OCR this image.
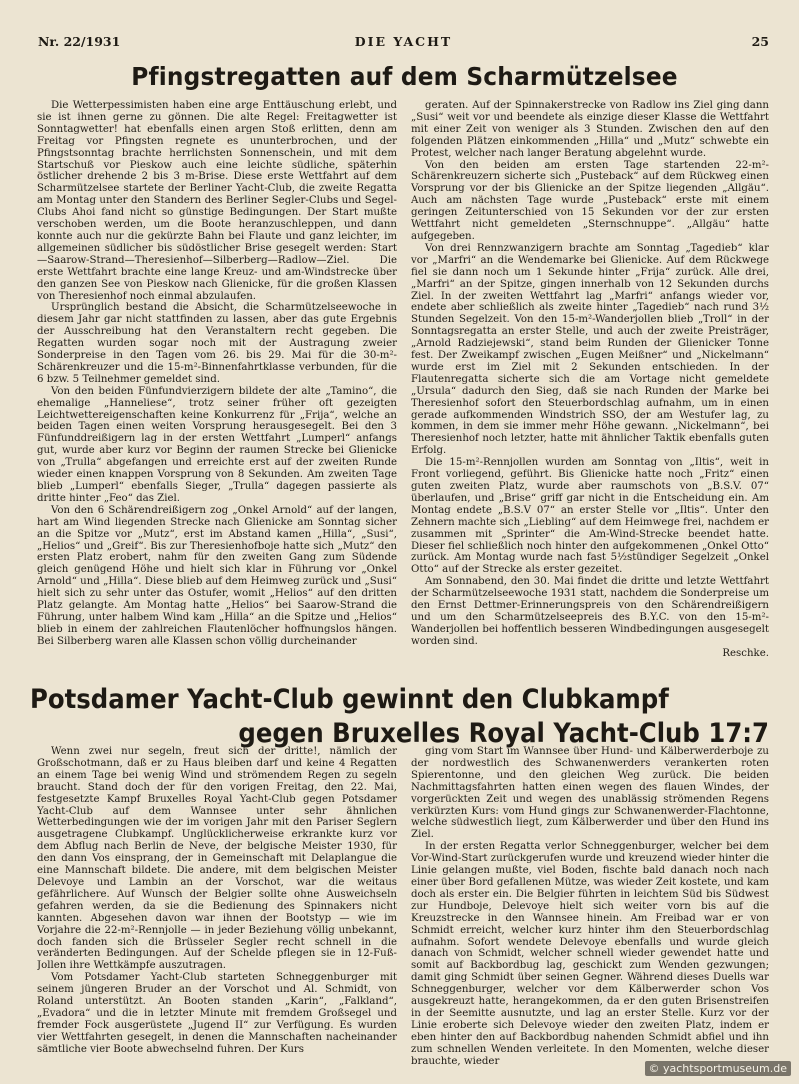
Nr. 22/1931	DIE YACHT	25
Pfingstregatten auf dem Scharmützelsee

Die Wetterpessimisten haben eine arge Enttäuschung erlebt, und sie ist ihnen gerne zu gönnen. Die alte Regel: Freitagwetter ist Sonntagwetter! hat ebenfalls einen argen Stoß erlitten, denn am Freitag vor Pfingsten regnete es ununterbrochen, und der Pfingstsonntag brachte herrlichsten Sonnenschein, und mit dem Startschuß vor Pieskow auch eine leichte südliche, späterhin östlicher drehende 2 bis 3 m-Brise. Diese erste Wettfahrt auf dem Scharmützelsee startete der Berliner Yacht-Club, die zweite Regatta am Montag unter den Standern des Berliner Segler-Clubs und Segel-Clubs Ahoi fand nicht so günstige Bedingungen. Der Start mußte verschoben werden, um die Boote heranzuschleppen, und dann konnte auch nur die gekürzte Bahn bei Flaute und ganz leichter, im allgemeinen südlicher bis südöstlicher Brise gesegelt werden: Start—Saarow-Strand—Theresienhof—Silberberg—Radlow—Ziel. Die erste Wettfahrt brachte eine lange Kreuz- und am-Windstrecke über den ganzen See von Pieskow nach Glienicke, für die großen Klassen von Theresienhof noch einmal abzulaufen.

Ursprünglich bestand die Absicht, die Scharmützelseewoche in diesem Jahr gar nicht stattfinden zu lassen, aber das gute Ergebnis der Ausschreibung hat den Veranstaltern recht gegeben. Die Regatten wurden sogar noch mit der Austragung zweier Sonderpreise in den Tagen vom 26. bis 29. Mai für die 30-m²-Schärenkreuzer und die 15-m²-Binnenfahrtklasse verbunden, für die 6 bzw. 5 Teilnehmer gemeldet sind.

Von den beiden Fünfundvierzigern bildete der alte „Tamino“, die ehemalige „Hanneliese“, trotz seiner früher oft gezeigten Leichtwettereigenschaften keine Konkurrenz für „Frija“, welche an beiden Tagen einen weiten Vorsprung herausgesegelt. Bei den 3 Fünfunddreißigern lag in der ersten Wettfahrt „Lumperl“ anfangs gut, wurde aber kurz vor Beginn der raumen Strecke bei Glienicke von „Trulla“ abgefangen und erreichte erst auf der zweiten Runde wieder einen knappen Vorsprung von 8 Sekunden. Am zweiten Tage blieb „Lumperl“ ebenfalls Sieger, „Trulla“ dagegen passierte als dritte hinter „Feo“ das Ziel.

Von den 6 Schärendreißigern zog „Onkel Arnold“ auf der langen, hart am Wind liegenden Strecke nach Glienicke am Sonntag sicher an die Spitze vor „Mutz“, erst im Abstand kamen „Hilla“, „Susi“, „Helios“ und „Greif“. Bis zur Theresienhofboje hatte sich „Mutz“ den ersten Platz erobert, nahm für den zweiten Gang zum Südende gleich genügend Höhe und hielt sich klar in Führung vor „Onkel Arnold“ und „Hilla“. Diese blieb auf dem Heimweg zurück und „Susi“ hielt sich zu sehr unter das Ostufer, womit „Helios“ auf den dritten Platz gelangte. Am Montag hatte „Helios“ bei Saarow-Strand die Führung, unter halbem Wind kam „Hilla“ an die Spitze und „Helios“ blieb in einem der zahlreichen Flautenlöcher hoffnungslos hängen. Bei Silberberg waren alle Klassen schon völlig durcheinander

geraten. Auf der Spinnakerstrecke von Radlow ins Ziel ging dann „Susi“ weit vor und beendete als einzige dieser Klasse die Wettfahrt mit einer Zeit von weniger als 3 Stunden. Zwischen den auf den folgenden Plätzen einkommenden „Hilla“ und „Mutz“ schwebte ein Protest, welcher nach langer Beratung abgelehnt wurde.

Von den beiden am ersten Tage startenden 22-m²-Schärenkreuzern sicherte sich „Pusteback“ auf dem Rückweg einen Vorsprung vor der bis Glienicke an der Spitze liegenden „Allgäu“. Auch am nächsten Tage wurde „Pusteback“ erste mit einem geringen Zeitunterschied von 15 Sekunden vor der zur ersten Wettfahrt nicht gemeldeten „Sternschnuppe“. „Allgäu“ hatte aufgegeben.

Von drei Rennzwanzigern brachte am Sonntag „Tagedieb“ klar vor „Marfri“ an die Wendemarke bei Glienicke. Auf dem Rückwege fiel sie dann noch um 1 Sekunde hinter „Frija“ zurück. Alle drei, „Marfri“ an der Spitze, gingen innerhalb von 12 Sekunden durchs Ziel. In der zweiten Wettfahrt lag „Marfri“ anfangs wieder vor, endete aber schließlich als zweite hinter „Tagedieb“ nach rund 3½ Stunden Segelzeit. Von den 15-m²-Wanderjollen blieb „Troll“ in der Sonntagsregatta an erster Stelle, und auch der zweite Preisträger, „Arnold Radziejewski“, stand beim Runden der Glienicker Tonne fest. Der Zweikampf zwischen „Eugen Meißner“ und „Nickelmann“ wurde erst im Ziel mit 2 Sekunden entschieden. In der Flautenregatta sicherte sich die am Vortage nicht gemeldete „Ursula“ dadurch den Sieg, daß sie nach Runden der Marke bei Theresienhof sofort den Steuerbordschlag aufnahm, um in einen gerade aufkommenden Windstrich SSO, der am Westufer lag, zu kommen, in dem sie immer mehr Höhe gewann. „Nickelmann“, bei Theresienhof noch letzter, hatte mit ähnlicher Taktik ebenfalls guten Erfolg.

Die 15-m²-Rennjollen wurden am Sonntag von „Iltis“, weit in Front vorliegend, geführt. Bis Glienicke hatte noch „Fritz“ einen guten zweiten Platz, wurde aber raumschots von „B.S.V. 07“ überlaufen, und „Brise“ griff gar nicht in die Entscheidung ein. Am Montag endete „B.S.V 07“ an erster Stelle vor „Iltis“. Unter den Zehnern machte sich „Liebling“ auf dem Heimwege frei, nachdem er zusammen mit „Sprinter“ die Am-Wind-Strecke beendet hatte. Dieser fiel schließlich noch hinter den aufgekommenen „Onkel Otto“ zurück. Am Montag wurde nach fast 5½stündiger Segelzeit „Onkel Otto“ auf der Strecke als erster gezeitet.

Am Sonnabend, den 30. Mai findet die dritte und letzte Wettfahrt der Scharmützelseewoche 1931 statt, nachdem die Sonderpreise um den Ernst Dettmer-Erinnerungspreis von den Schärendreißigern und um den Scharmützelseepreis des B.Y.C. von den 15-m²-Wanderjollen bei hoffentlich besseren Windbedingungen ausgesegelt worden sind.

Reschke.

Potsdamer Yacht-Club gewinnt den Clubkampf
gegen Bruxelles Royal Yacht-Club 17:7

Wenn zwei nur segeln, freut sich der dritte!, nämlich der Großschotmann, daß er zu Haus bleiben darf und keine 4 Regatten an einem Tage bei wenig Wind und strömendem Regen zu segeln braucht. Stand doch der für den vorigen Freitag, den 22. Mai, festgesetzte Kampf Bruxelles Royal Yacht-Club gegen Potsdamer Yacht-Club auf dem Wannsee unter sehr ähnlichen Wetterbedingungen wie der im vorigen Jahr mit den Pariser Seglern ausgetragene Clubkampf. Unglücklicherweise erkrankte kurz vor dem Abflug nach Berlin de Neve, der belgische Meister 1930, für den dann Vos einsprang, der in Gemeinschaft mit Delaplangue die eine Mannschaft bildete. Die andere, mit dem belgischen Meister Delevoye und Lambin an der Vorschot, war die weitaus gefährlichere. Auf Wunsch der Belgier sollte ohne Ausweichseln gefahren werden, da sie die Bedienung des Spinnakers nicht kannten. Abgesehen davon war ihnen der Bootstyp — wie im Vorjahre die 22-m²-Rennjolle — in jeder Beziehung völlig unbekannt, doch fanden sich die Brüsseler Segler recht schnell in die veränderten Bedingungen. Auf der Schelde pflegen sie in 12-Fuß-Jollen ihre Wettkämpfe auszutragen.

Vom Potsdamer Yacht-Club starteten Schneggenburger mit seinem jüngeren Bruder an der Vorschot und Al. Schmidt, von Roland unterstützt. An Booten standen „Karin“, „Falkland“, „Evadora“ und die in letzter Minute mit fremdem Großsegel und fremder Fock ausgerüstete „Jugend II“ zur Verfügung. Es wurden vier Wettfahrten gesegelt, in denen die Mannschaften nacheinander sämtliche vier Boote abwechselnd fuhren. Der Kurs

ging vom Start im Wannsee über Hund- und Kälberwerderboje zu der nordwestlich des Schwanenwerders verankerten roten Spierentonne, und den gleichen Weg zurück. Die beiden Nachmittagsfahrten hatten einen wegen des flauen Windes, der vorgerückten Zeit und wegen des unablässig strömenden Regens verkürzten Kurs: vom Hund gings zur Schwanenwerder-Flachtonne, welche südwestlich liegt, zum Kälberwerder und über den Hund ins Ziel.

In der ersten Regatta verlor Schneggenburger, welcher bei dem Vor-Wind-Start zurückgerufen wurde und kreuzend wieder hinter die Linie gelangen mußte, viel Boden, fischte bald danach noch nach einer über Bord gefallenen Mütze, was wieder Zeit kostete, und kam doch als erster ein. Die Belgier führten in leichtem Süd bis Südwest zur Hundboje, Delevoye hielt sich weiter vorn bis auf die Kreuzstrecke in den Wannsee hinein. Am Freibad war er von Schmidt erreicht, welcher kurz hinter ihm den Steuerbordschlag aufnahm. Sofort wendete Delevoye ebenfalls und wurde gleich danach von Schmidt, welcher schnell wieder gewendet hatte und somit auf Backbordbug lag, geschickt zum Wenden gezwungen; damit ging Schmidt über seinen Gegner. Während dieses Duells war Schneggenburger, welcher vor dem Kälberwerder schon Vos ausgekreuzt hatte, herangekommen, da er den guten Brisenstreifen in der Seemitte ausnutzte, und lag an erster Stelle. Kurz vor der Linie eroberte sich Delevoye wieder den zweiten Platz, indem er eben hinter den auf Backbordbug nahenden Schmidt abfiel und ihn zum schnellen Wenden verleitete. In den Momenten, welche dieser brauchte, wieder

© yachtsportmuseum.de
